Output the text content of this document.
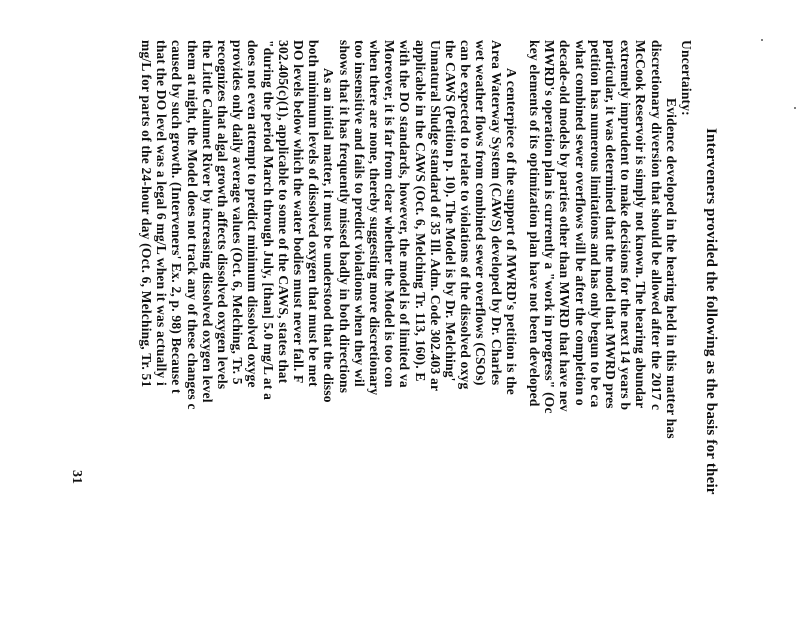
Interveners provided the following as the basis for their
Uncertainty:
Evidence developed in the hearing held in this matter has
discretionary diversion that should be allowed after the 2017 c
McCook Reservoir is simply not known. The hearing abundar
extremely imprudent to make decisions for the next 14 years b
particular, it was determined that the model that MWRD pres
petition has numerous limitations and has only begun to be ca
what combined sewer overflows will be after the completion o
decade-old models by parties other than MWRD that have nev
MWRD's operation plan is currently a "work in progress" (Oc
key elements of its optimization plan have not been developed
A centerpiece of the support of MWRD's petition is the
Area Waterway System (CAWS) developed by Dr. Charles
wet weather flows from combined sewer overflows (CSOs)
can be expected to relate to violations of the dissolved oxyg
the CAWS (Petition p. 10). The Model is by Dr. Melching'
Unnatural Sludge standard of 35 Ill. Adm. Code 302.403 ar
applicable in the CAWS (Oct. 6, Melching Tr. 113, 160). E
with the DO standards, however, the model is of limited va
Moreover, it is far from clear whether the Model is too con
when there are none, thereby suggesting more discretionary
too insensitive and fails to predict violations when they wil
shows that it has frequently missed badly in both directions
As an initial matter, it must be understood that the disso
both minimum levels of dissolved oxygen that must be met
DO levels below which the water bodies must never fall. F
302.405(c)(1), applicable to some of the CAWS, states that
"during the period March through July, [than] 5.0 mg/L at a
does not even attempt to predict minimum dissolved oxyge
provides only daily average values (Oct. 6, Melching, Tr. 5
recognizes that algal growth affects dissolved oxygen levels
the Little Calumet River by increasing dissolved oxygen level
them at night, the Model does not track any of these changes c
caused by such growth. (Interveners' Ex. 2, p. 98) Because t
that the DO level was a legal 6 mg/L when it was actually i
mg/L for parts of the 24-hour day (Oct. 6, Melching, Tr. 51
31
